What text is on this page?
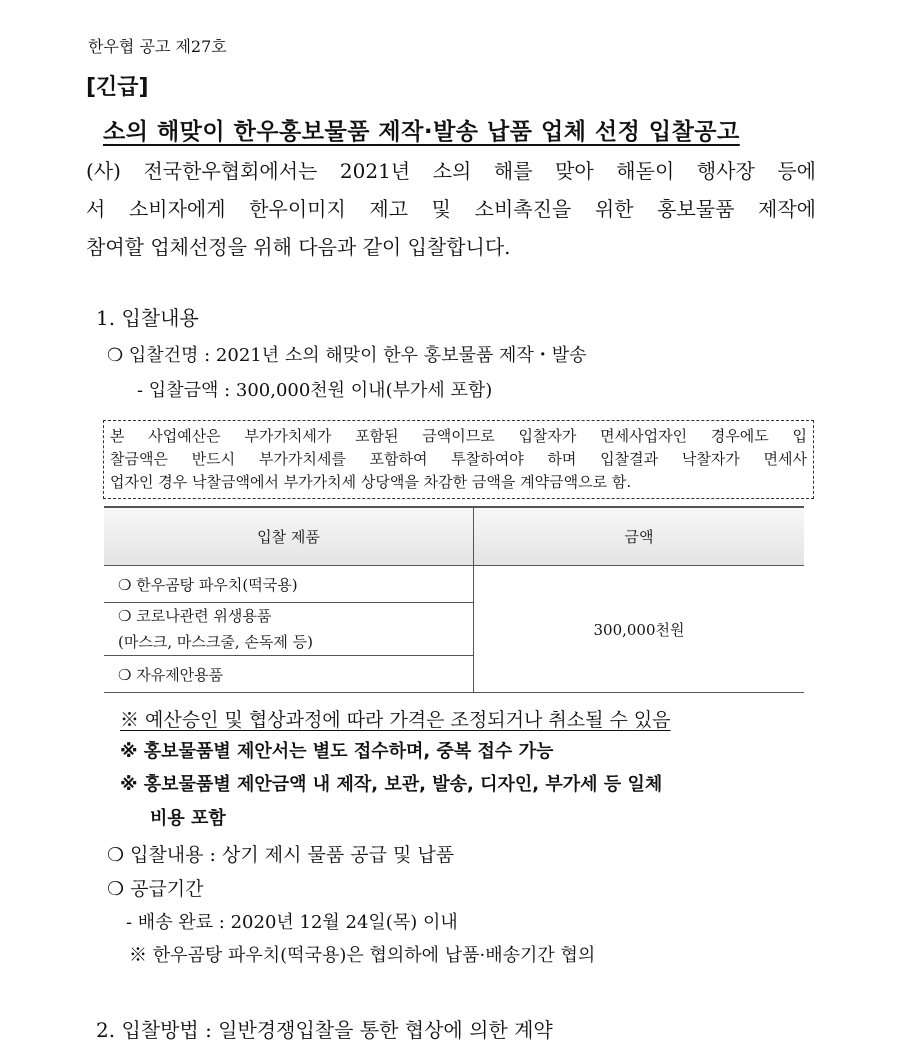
한우협 공고 제27호
[긴급]
소의 해맞이 한우홍보물품 제작·발송 납품 업체 선정 입찰공고
(사) 전국한우협회에서는 2021년 소의 해를 맞아 해돋이 행사장 등에
서 소비자에게 한우이미지 제고 및 소비촉진을 위한 홍보물품 제작에
참여할 업체선정을 위해 다음과 같이 입찰합니다.
1. 입찰내용
❍ 입찰건명 : 2021년 소의 해맞이 한우 홍보물품 제작・발송
- 입찰금액 : 300,000천원 이내(부가세 포함)
본 사업예산은 부가가치세가 포함된 금액이므로 입찰자가 면세사업자인 경우에도 입
찰금액은 반드시 부가가치세를 포함하여 투찰하여야 하며 입찰결과 낙찰자가 면세사
업자인 경우 낙찰금액에서 부가가치세 상당액을 차감한 금액을 계약금액으로 함.
입찰 제품	금액
❍ 한우곰탕 파우치(떡국용)	300,000천원

❍ 코로나관련 위생용품
(마스크, 마스크줄, 손독제 등)	

❍ 자유제안용품	
※ 예산승인 및 협상과정에 따라 가격은 조정되거나 취소될 수 있음
※ 홍보물품별 제안서는 별도 접수하며, 중복 접수 가능
※ 홍보물품별 제안금액 내 제작, 보관, 발송, 디자인, 부가세 등 일체
비용 포함
❍ 입찰내용 : 상기 제시 물품 공급 및 납품
❍ 공급기간
- 배송 완료 : 2020년 12월 24일(목) 이내
※ 한우곰탕 파우치(떡국용)은 협의하에 납품·배송기간 협의
2. 입찰방법 : 일반경쟁입찰을 통한 협상에 의한 계약
